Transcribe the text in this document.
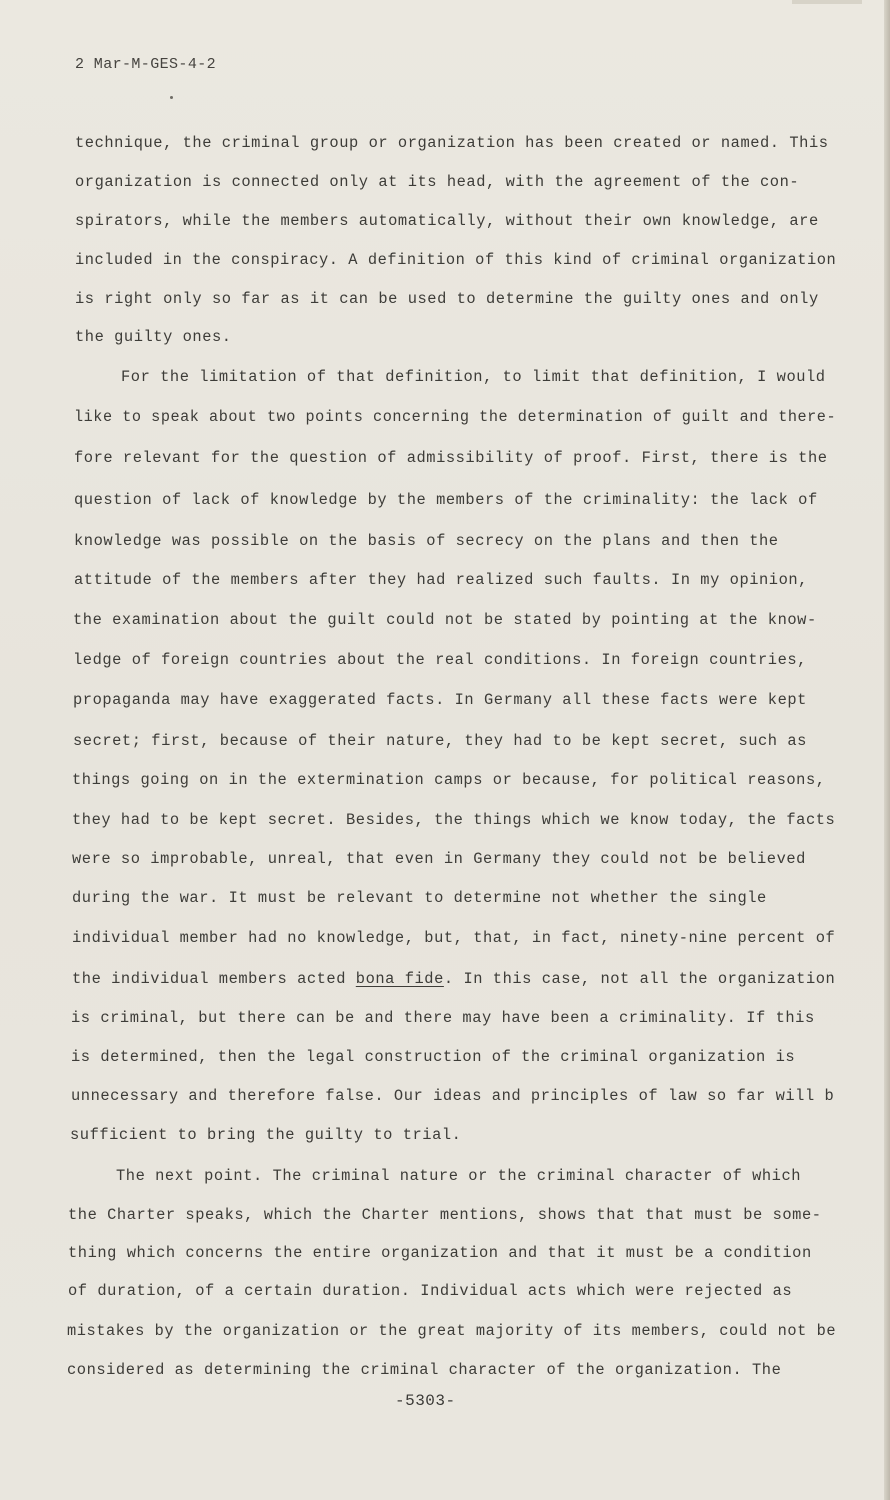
2 Mar-M-GES-4-2
technique, the criminal group or organization has been created or named. This
organization is connected only at its head, with the agreement of the con-
spirators, while the members automatically, without their own knowledge, are
included in the conspiracy. A definition of this kind of criminal organization
is right only so far as it can be used to determine the guilty ones and only
the guilty ones.
For the limitation of that definition, to limit that definition, I would
like to speak about two points concerning the determination of guilt and there-
fore relevant for the question of admissibility of proof. First, there is the
question of lack of knowledge by the members of the criminality: the lack of
knowledge was possible on the basis of secrecy on the plans and then the
attitude of the members after they had realized such faults. In my opinion,
the examination about the guilt could not be stated by pointing at the know-
ledge of foreign countries about the real conditions. In foreign countries,
propaganda may have exaggerated facts. In Germany all these facts were kept
secret; first, because of their nature, they had to be kept secret, such as
things going on in the extermination camps or because, for political reasons,
they had to be kept secret. Besides, the things which we know today, the facts
were so improbable, unreal, that even in Germany they could not be believed
during the war. It must be relevant to determine not whether the single
individual member had no knowledge, but, that, in fact, ninety-nine percent of
the individual members acted bona fide. In this case, not all the organization
is criminal, but there can be and there may have been a criminality. If this
is determined, then the legal construction of the criminal organization is
unnecessary and therefore false. Our ideas and principles of law so far will b
sufficient to bring the guilty to trial.
The next point. The criminal nature or the criminal character of which
the Charter speaks, which the Charter mentions, shows that that must be some-
thing which concerns the entire organization and that it must be a condition
of duration, of a certain duration. Individual acts which were rejected as
mistakes by the organization or the great majority of its members, could not be
considered as determining the criminal character of the organization. The
-5303-
